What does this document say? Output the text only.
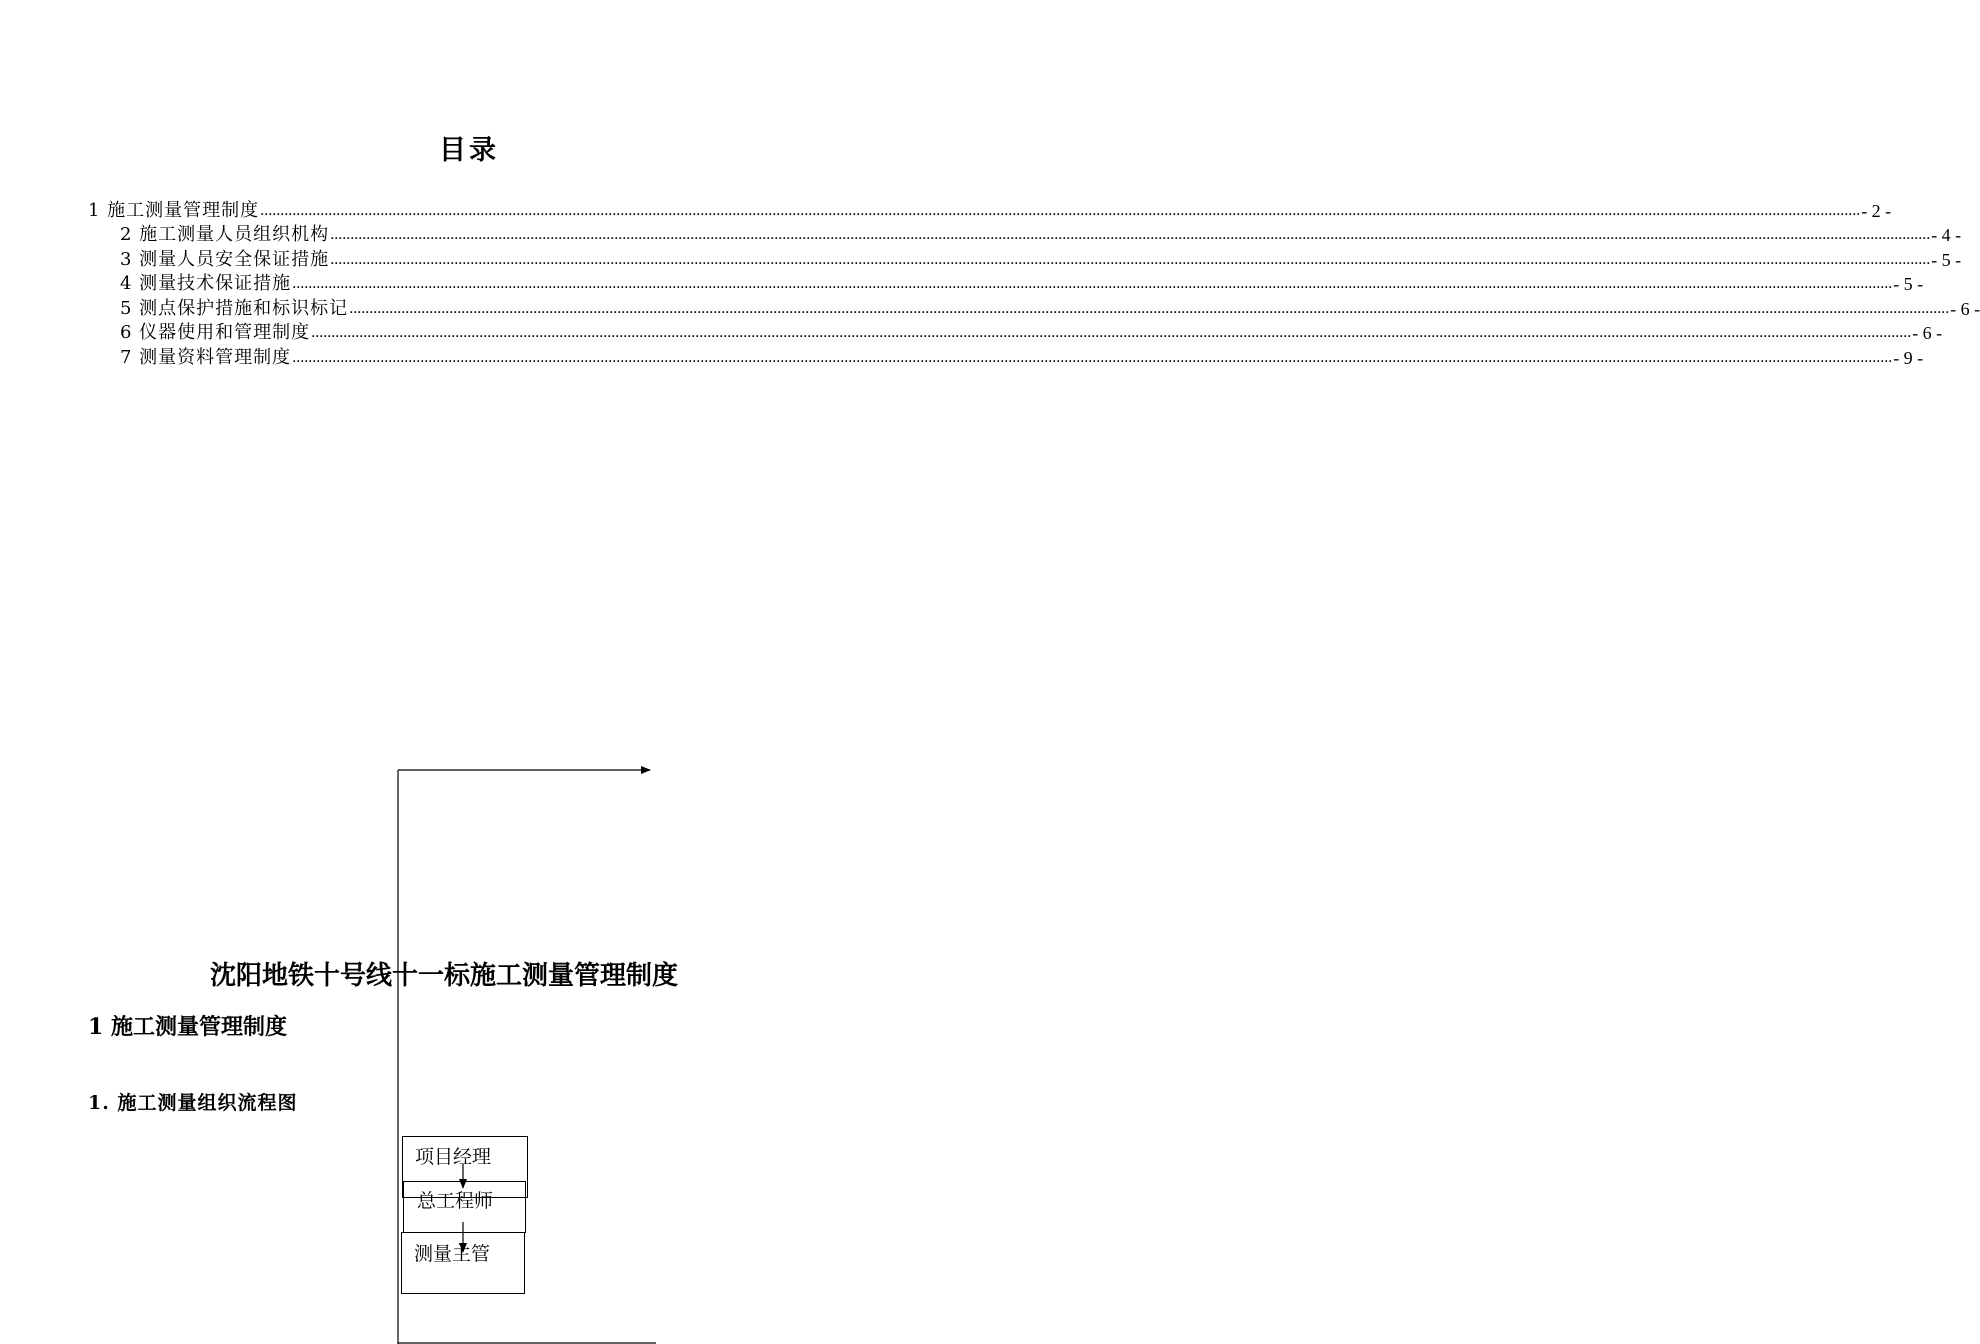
目录
1 施工测量管理制度 ................................................................................................................................................................................................................................................................................................................................................................................................................ - 2 -
2 施工测量人员组织机构 ................................................................................................................................................................................................................................................................................................................................................................................................................ - 4 -
3 测量人员安全保证措施 ................................................................................................................................................................................................................................................................................................................................................................................................................ - 5 -
4 测量技术保证措施 ................................................................................................................................................................................................................................................................................................................................................................................................................ - 5 -
5 测点保护措施和标识标记 ................................................................................................................................................................................................................................................................................................................................................................................................................ - 6 -
6 仪器使用和管理制度 ................................................................................................................................................................................................................................................................................................................................................................................................................ - 6 -
7 测量资料管理制度 ................................................................................................................................................................................................................................................................................................................................................................................................................ - 9 -
沈阳地铁十号线十一标施工测量管理制度
1 施工测量管理制度
1. 施工测量组织流程图
项目经理
总工程师
测量主管
